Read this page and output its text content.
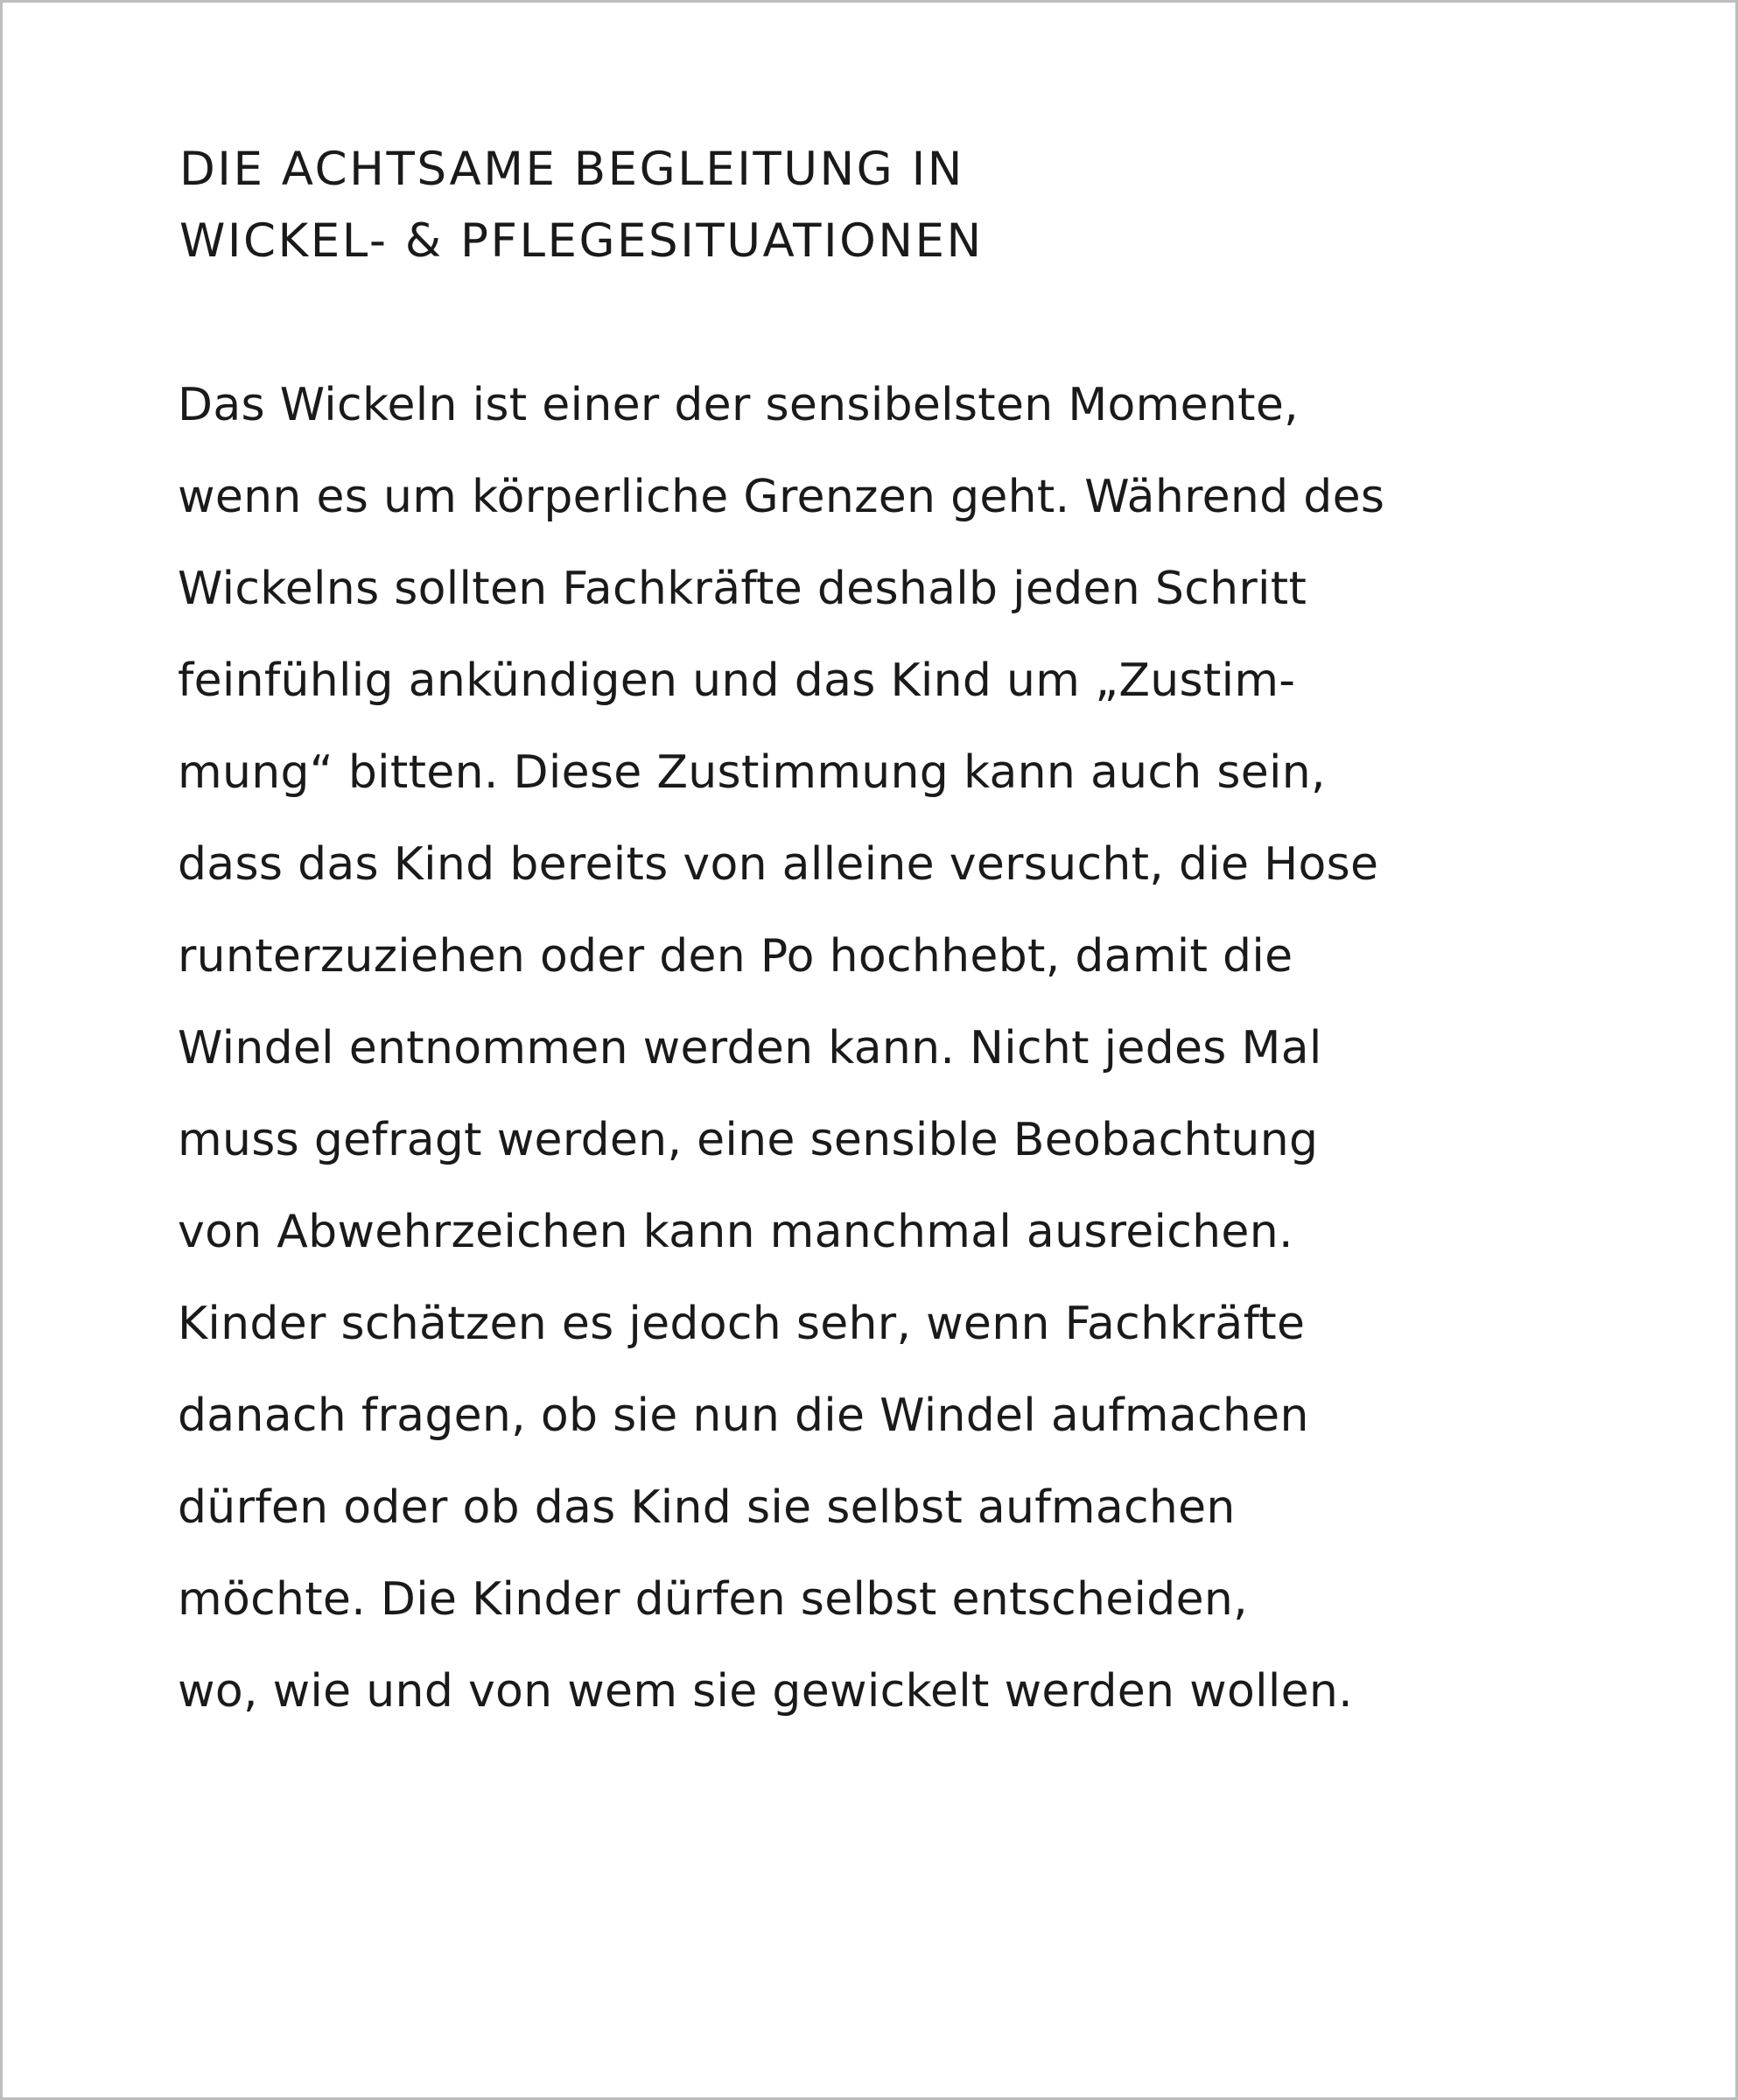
DIE ACHTSAME BEGLEITUNG IN
WICKEL- & PFLEGESITUATIONEN
Das Wickeln ist einer der sensibelsten Momente,
wenn es um körperliche Grenzen geht. Während des
Wickelns sollten Fachkräfte deshalb jeden Schritt
feinfühlig ankündigen und das Kind um „Zustim-
mung“ bitten. Diese Zustimmung kann auch sein,
dass das Kind bereits von alleine versucht, die Hose
runterzuziehen oder den Po hochhebt, damit die
Windel entnommen werden kann. Nicht jedes Mal
muss gefragt werden, eine sensible Beobachtung
von Abwehrzeichen kann manchmal ausreichen.
Kinder schätzen es jedoch sehr, wenn Fachkräfte
danach fragen, ob sie nun die Windel aufmachen
dürfen oder ob das Kind sie selbst aufmachen
möchte. Die Kinder dürfen selbst entscheiden,
wo, wie und von wem sie gewickelt werden wollen.
